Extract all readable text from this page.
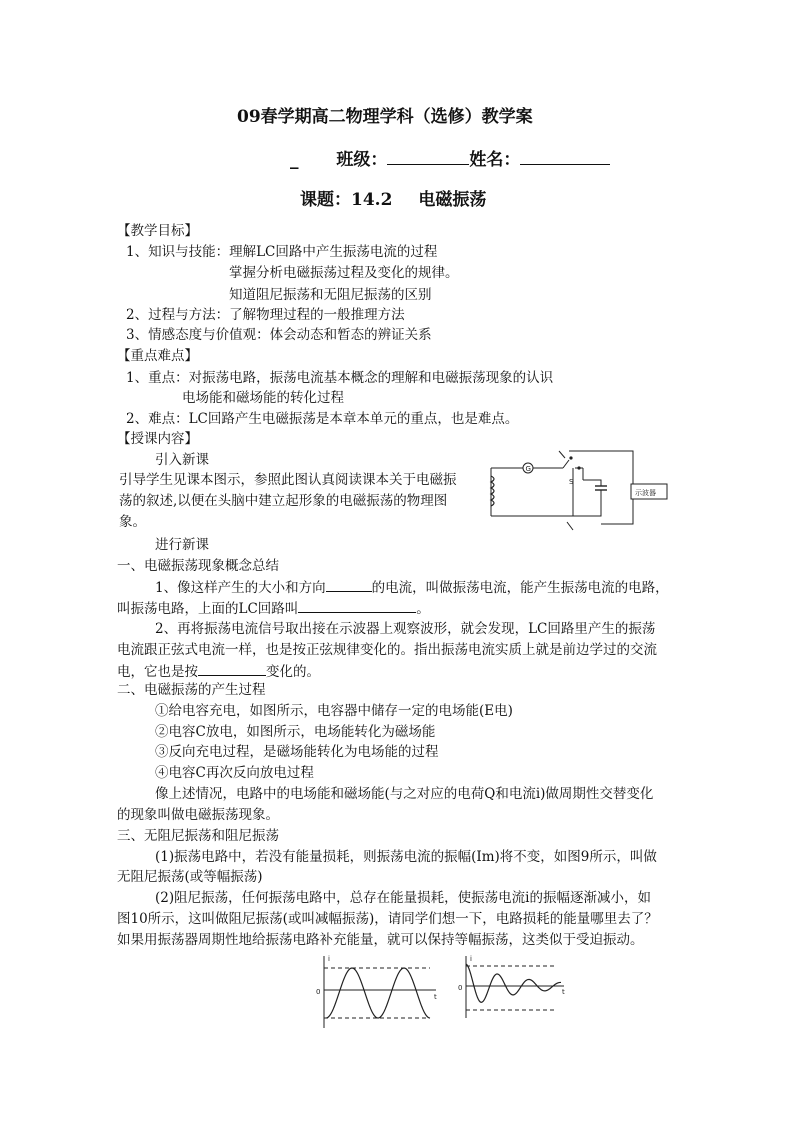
09春学期高二物理学科（选修）教学案
_ 班级：	姓名：
课题：14.2 电磁振荡
【教学目标】
1、知识与技能：理解LC回路中产生振荡电流的过程
掌握分析电磁振荡过程及变化的规律。
知道阻尼振荡和无阻尼振荡的区别
2、过程与方法：了解物理过程的一般推理方法
3、情感态度与价值观：体会动态和暂态的辨证关系
【重点难点】
1、重点：对振荡电路，振荡电流基本概念的理解和电磁振荡现象的认识
电场能和磁场能的转化过程
2、难点：LC回路产生电磁振荡是本章本单元的重点，也是难点。
【授课内容】
引入新课
引导学生见课本图示，参照此图认真阅读课本关于电磁振
荡的叙述,以便在头脑中建立起形象的电磁振荡的物理图
象。
G
S
示波器
进行新课
一、电磁振荡现象概念总结
1、像这样产生的大小和方向	的电流，叫做振荡电流，能产生振荡电流的电路，
叫振荡电路，上面的LC回路叫	。
2、再将振荡电流信号取出接在示波器上观察波形，就会发现，LC回路里产生的振荡
电流跟正弦式电流一样，也是按正弦规律变化的。指出振荡电流实质上就是前边学过的交流
电，它也是按	变化的。
二、电磁振荡的产生过程
①给电容充电，如图所示，电容器中储存一定的电场能(E电)
②电容C放电，如图所示，电场能转化为磁场能
③反向充电过程，是磁场能转化为电场能的过程
④电容C再次反向放电过程
像上述情况，电路中的电场能和磁场能(与之对应的电荷Q和电流i)做周期性交替变化
的现象叫做电磁振荡现象。
三、无阻尼振荡和阻尼振荡
(1)振荡电路中，若没有能量损耗，则振荡电流的振幅(Im)将不变，如图9所示，叫做
无阻尼振荡(或等幅振荡)
(2)阻尼振荡，任何振荡电路中，总存在能量损耗，使振荡电流i的振幅逐渐减小，如
图10所示，这叫做阻尼振荡(或叫减幅振荡)，请同学们想一下，电路损耗的能量哪里去了？
如果用振荡器周期性地给振荡电路补充能量，就可以保持等幅振荡，这类似于受迫振动。
i
t
0
i
t
0
